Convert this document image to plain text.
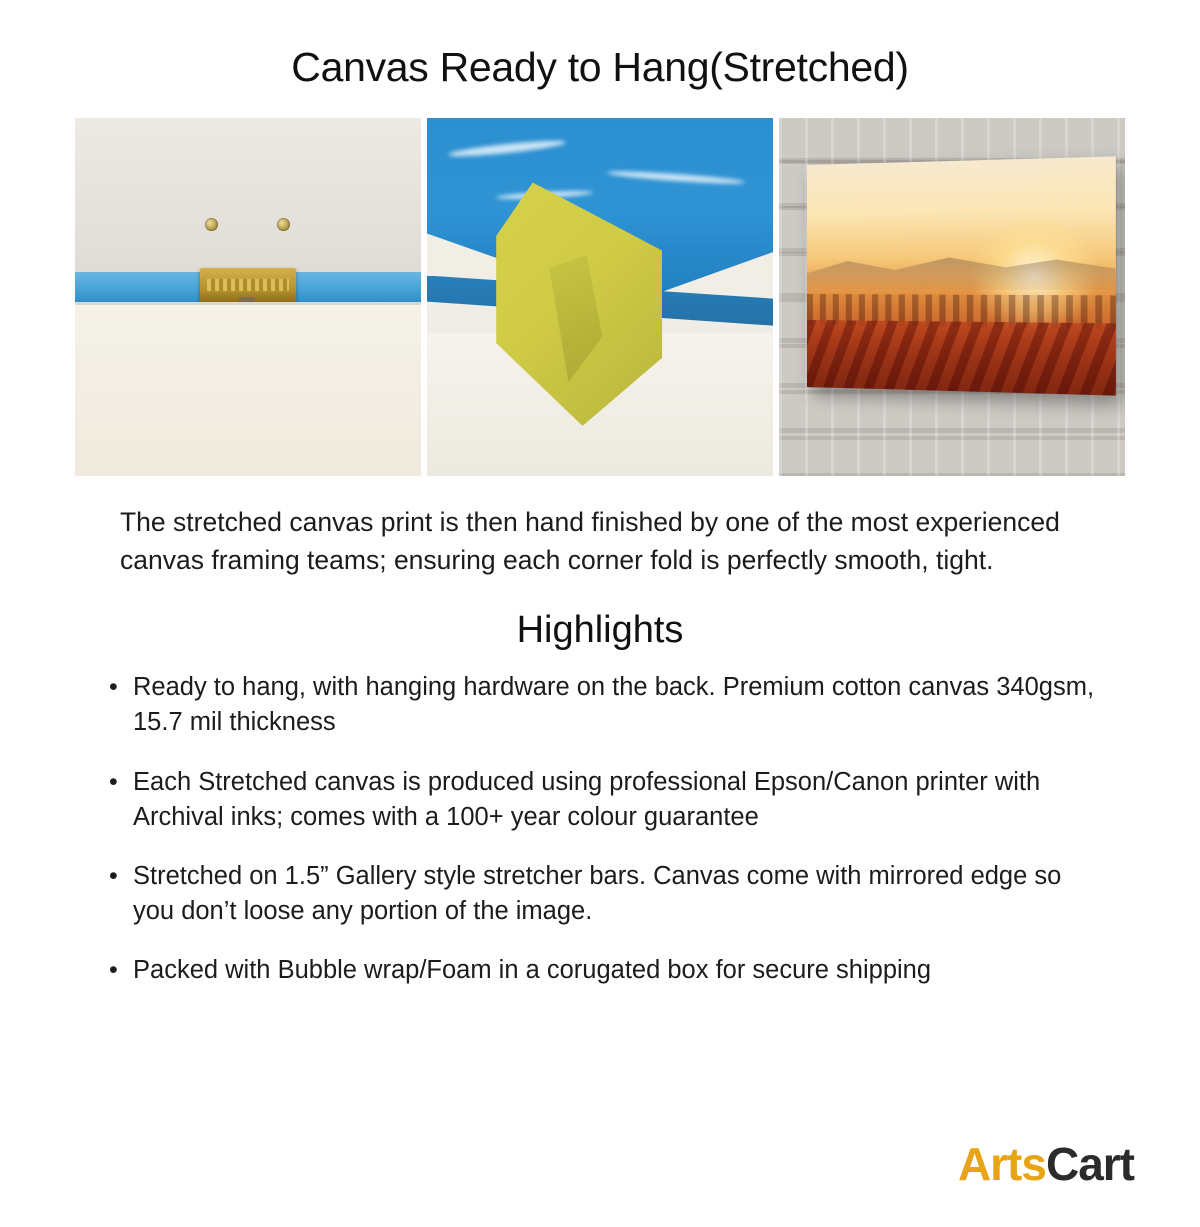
Canvas Ready to Hang(Stretched)

The stretched canvas print is then hand finished by one of the most experienced canvas framing teams; ensuring each corner fold is perfectly smooth, tight.

Highlights
• Ready to hang, with hanging hardware on the back. Premium cotton canvas 340gsm, 15.7 mil thickness
• Each Stretched canvas is produced using professional Epson/Canon printer with Archival inks; comes with a 100+ year colour guarantee
• Stretched on 1.5” Gallery style stretcher bars. Canvas come with mirrored edge so you don’t loose any portion of the image.
• Packed with Bubble wrap/Foam in a corugated box for secure shipping
ArtsCart
